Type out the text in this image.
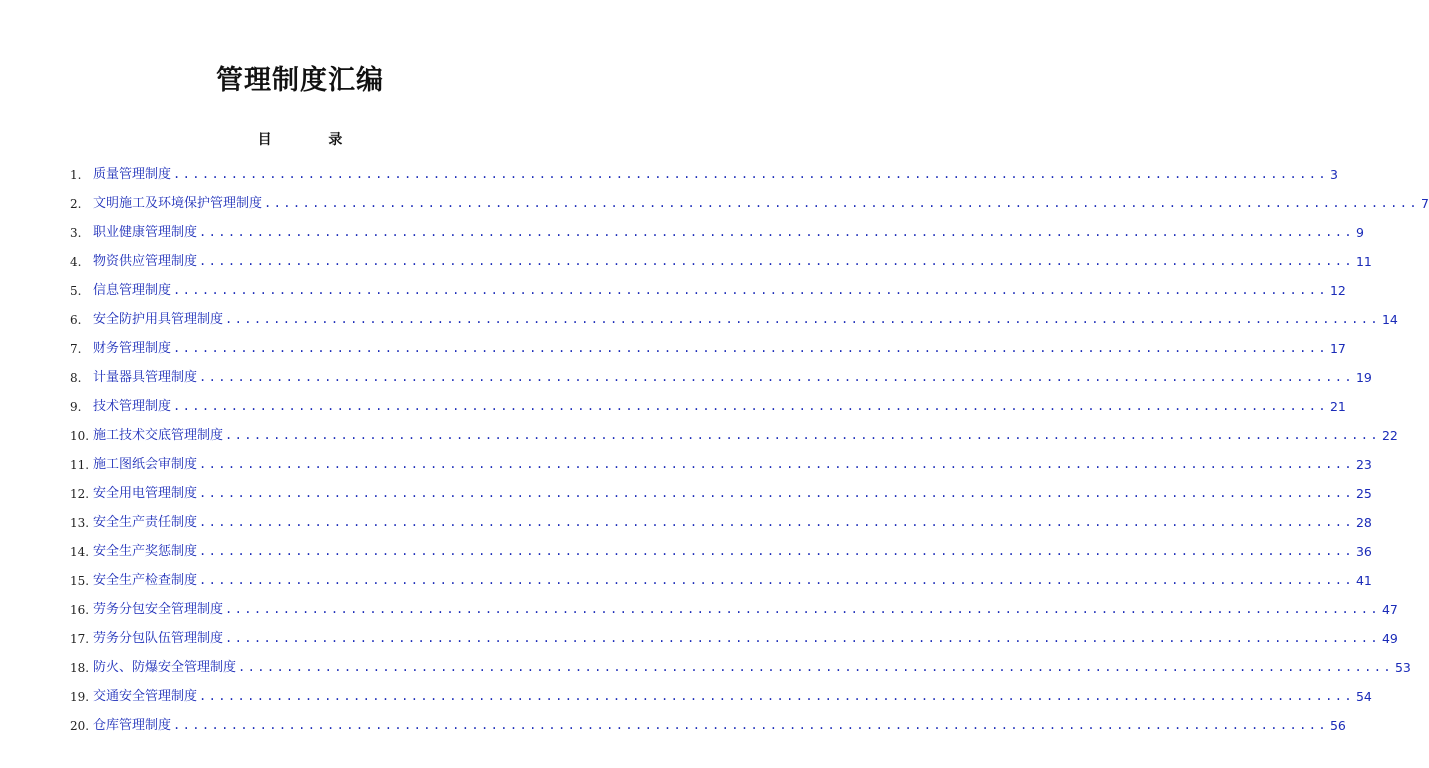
管理制度汇编
目 录
1. 质量管理制度 ........................................................................................................................ 3
2. 文明施工及环境保护管理制度 ........................................................................................................................ 7
3. 职业健康管理制度 ........................................................................................................................ 9
4. 物资供应管理制度 ........................................................................................................................ 11
5. 信息管理制度 ........................................................................................................................ 12
6. 安全防护用具管理制度 ........................................................................................................................ 14
7. 财务管理制度 ........................................................................................................................ 17
8. 计量器具管理制度 ........................................................................................................................ 19
9. 技术管理制度 ........................................................................................................................ 21
10. 施工技术交底管理制度 ........................................................................................................................ 22
11. 施工图纸会审制度 ........................................................................................................................ 23
12. 安全用电管理制度 ........................................................................................................................ 25
13. 安全生产责任制度 ........................................................................................................................ 28
14. 安全生产奖惩制度 ........................................................................................................................ 36
15. 安全生产检查制度 ........................................................................................................................ 41
16. 劳务分包安全管理制度 ........................................................................................................................ 47
17. 劳务分包队伍管理制度 ........................................................................................................................ 49
18. 防火、防爆安全管理制度 ........................................................................................................................ 53
19. 交通安全管理制度 ........................................................................................................................ 54
20. 仓库管理制度 ........................................................................................................................ 56
